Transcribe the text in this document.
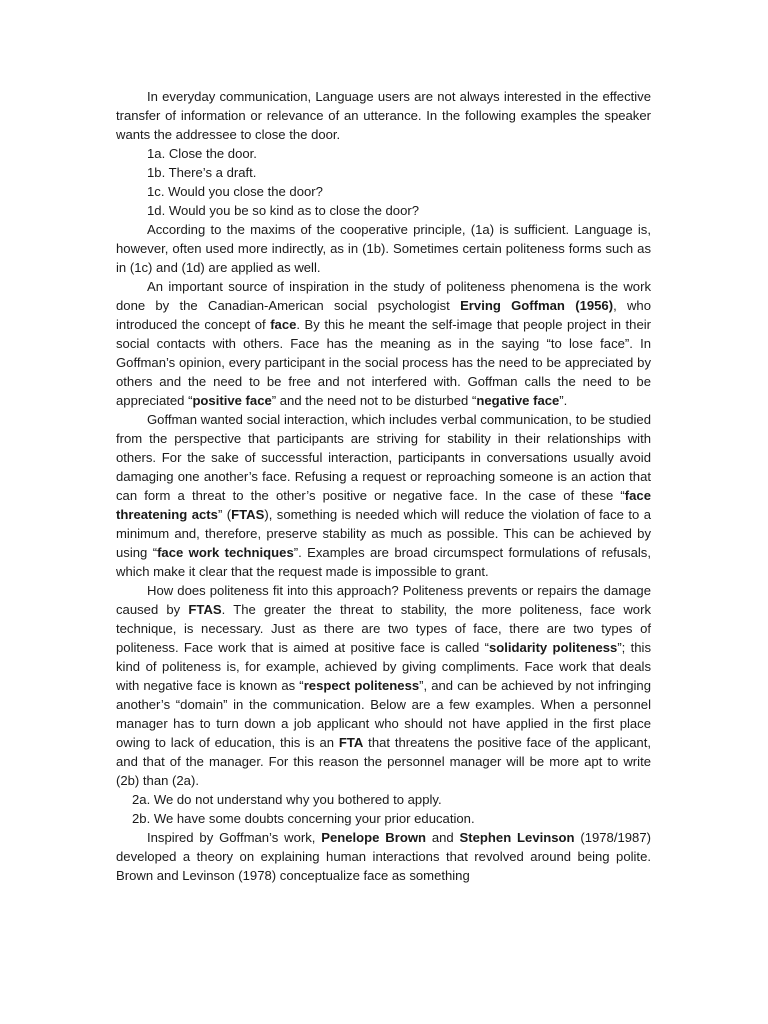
In everyday communication, Language users are not always interested in the effective transfer of information or relevance of an utterance. In the following examples the speaker wants the addressee to close the door.

1a. Close the door.

1b. There’s a draft.

1c. Would you close the door?

1d. Would you be so kind as to close the door?

According to the maxims of the cooperative principle, (1a) is sufficient. Language is, however, often used more indirectly, as in (1b). Sometimes certain politeness forms such as in (1c) and (1d) are applied as well.

An important source of inspiration in the study of politeness phenomena is the work done by the Canadian-American social psychologist Erving Goffman (1956), who introduced the concept of face. By this he meant the self-image that people project in their social contacts with others. Face has the meaning as in the saying “to lose face”. In Goffman’s opinion, every participant in the social process has the need to be appreciated by others and the need to be free and not interfered with. Goffman calls the need to be appreciated “positive face” and the need not to be disturbed “negative face”.

Goffman wanted social interaction, which includes verbal communication, to be studied from the perspective that participants are striving for stability in their relationships with others. For the sake of successful interaction, participants in conversations usually avoid damaging one another’s face. Refusing a request or reproaching someone is an action that can form a threat to the other’s positive or negative face. In the case of these “face threatening acts” (FTAS), something is needed which will reduce the violation of face to a minimum and, therefore, preserve stability as much as possible. This can be achieved by using “face work techniques”. Examples are broad circumspect formulations of refusals, which make it clear that the request made is impossible to grant.

How does politeness fit into this approach? Politeness prevents or repairs the damage caused by FTAS. The greater the threat to stability, the more politeness, face work technique, is necessary. Just as there are two types of face, there are two types of politeness. Face work that is aimed at positive face is called “solidarity politeness”; this kind of politeness is, for example, achieved by giving compliments. Face work that deals with negative face is known as “respect politeness”, and can be achieved by not infringing another’s “domain” in the communication. Below are a few examples. When a personnel manager has to turn down a job applicant who should not have applied in the first place owing to lack of education, this is an FTA that threatens the positive face of the applicant, and that of the manager. For this reason the personnel manager will be more apt to write (2b) than (2a).

2a. We do not understand why you bothered to apply.

2b. We have some doubts concerning your prior education.

Inspired by Goffman’s work, Penelope Brown and Stephen Levinson (1978/1987) developed a theory on explaining human interactions that revolved around being polite. Brown and Levinson (1978) conceptualize face as something
